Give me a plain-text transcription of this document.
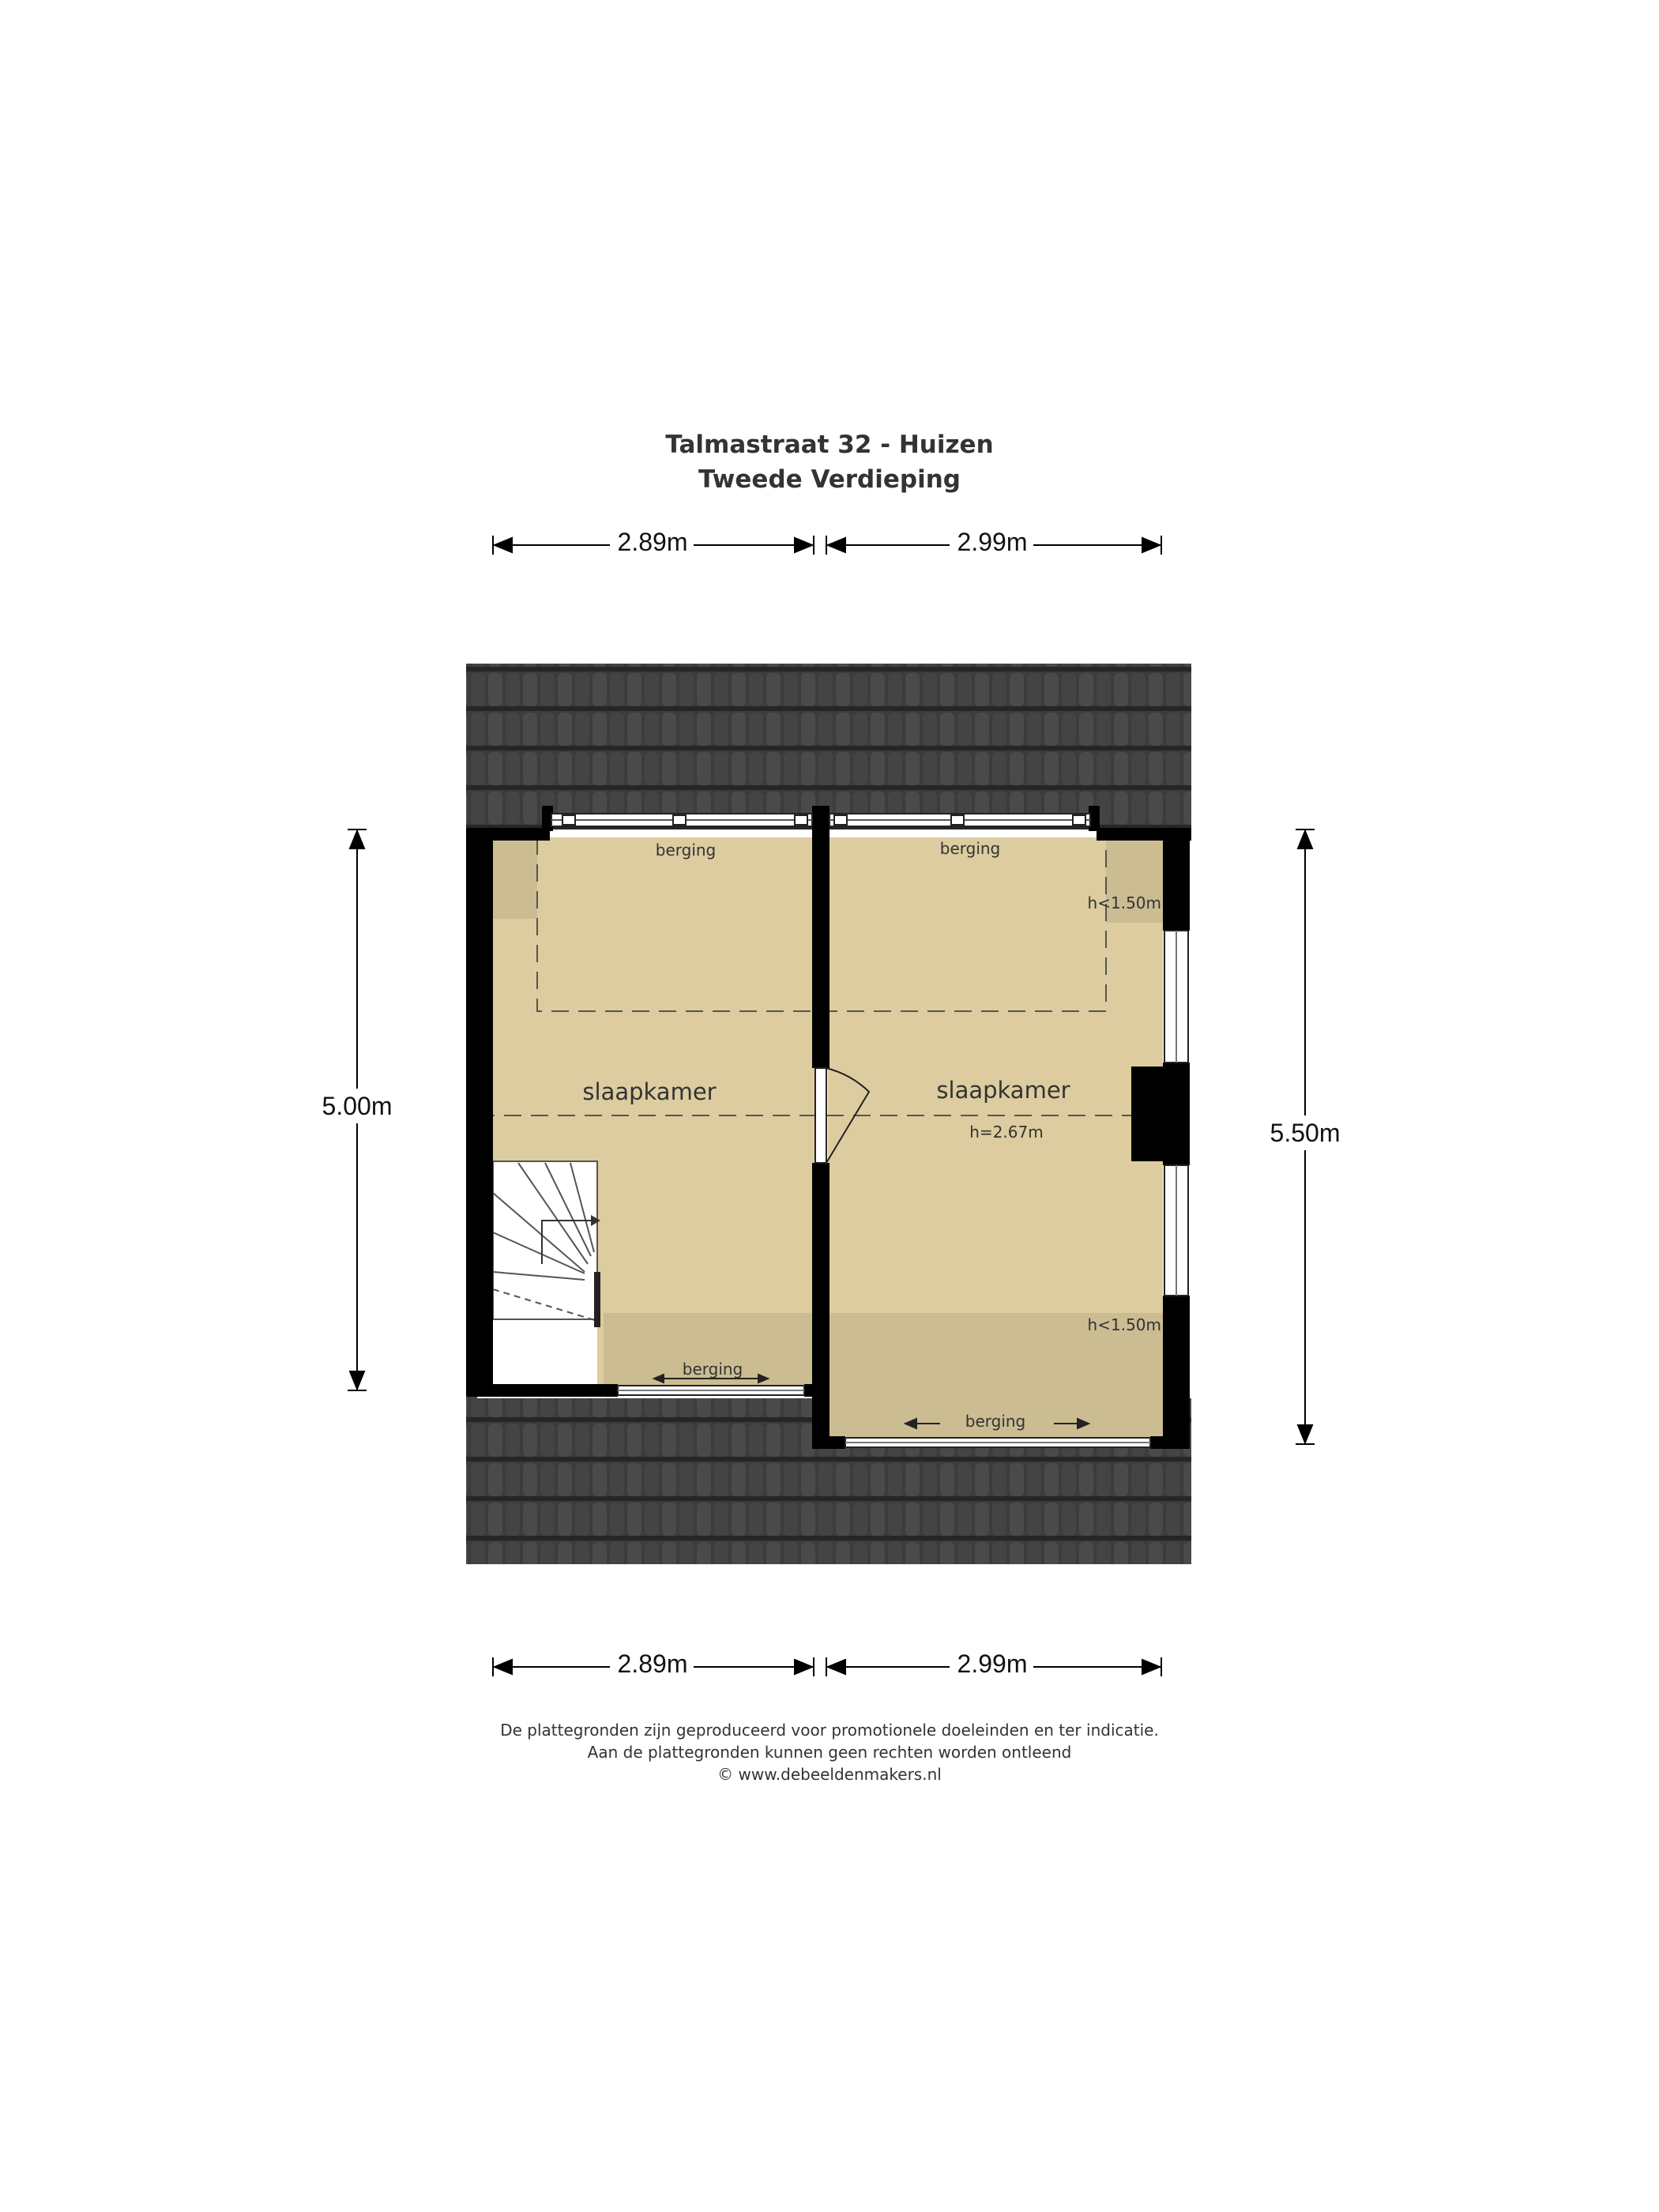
Talmastraat 32 - Huizen
Tweede Verdieping
2.89m	2.99m
2.89m	2.99m
5.00m
5.50m
slaapkamer	slaapkamer
h=2.67m
berging	berging
berging
berging
h<1.50m
h<1.50m
De plattegronden zijn geproduceerd voor promotionele doeleinden en ter indicatie.
Aan de plattegronden kunnen geen rechten worden ontleend
© www.debeeldenmakers.nl
